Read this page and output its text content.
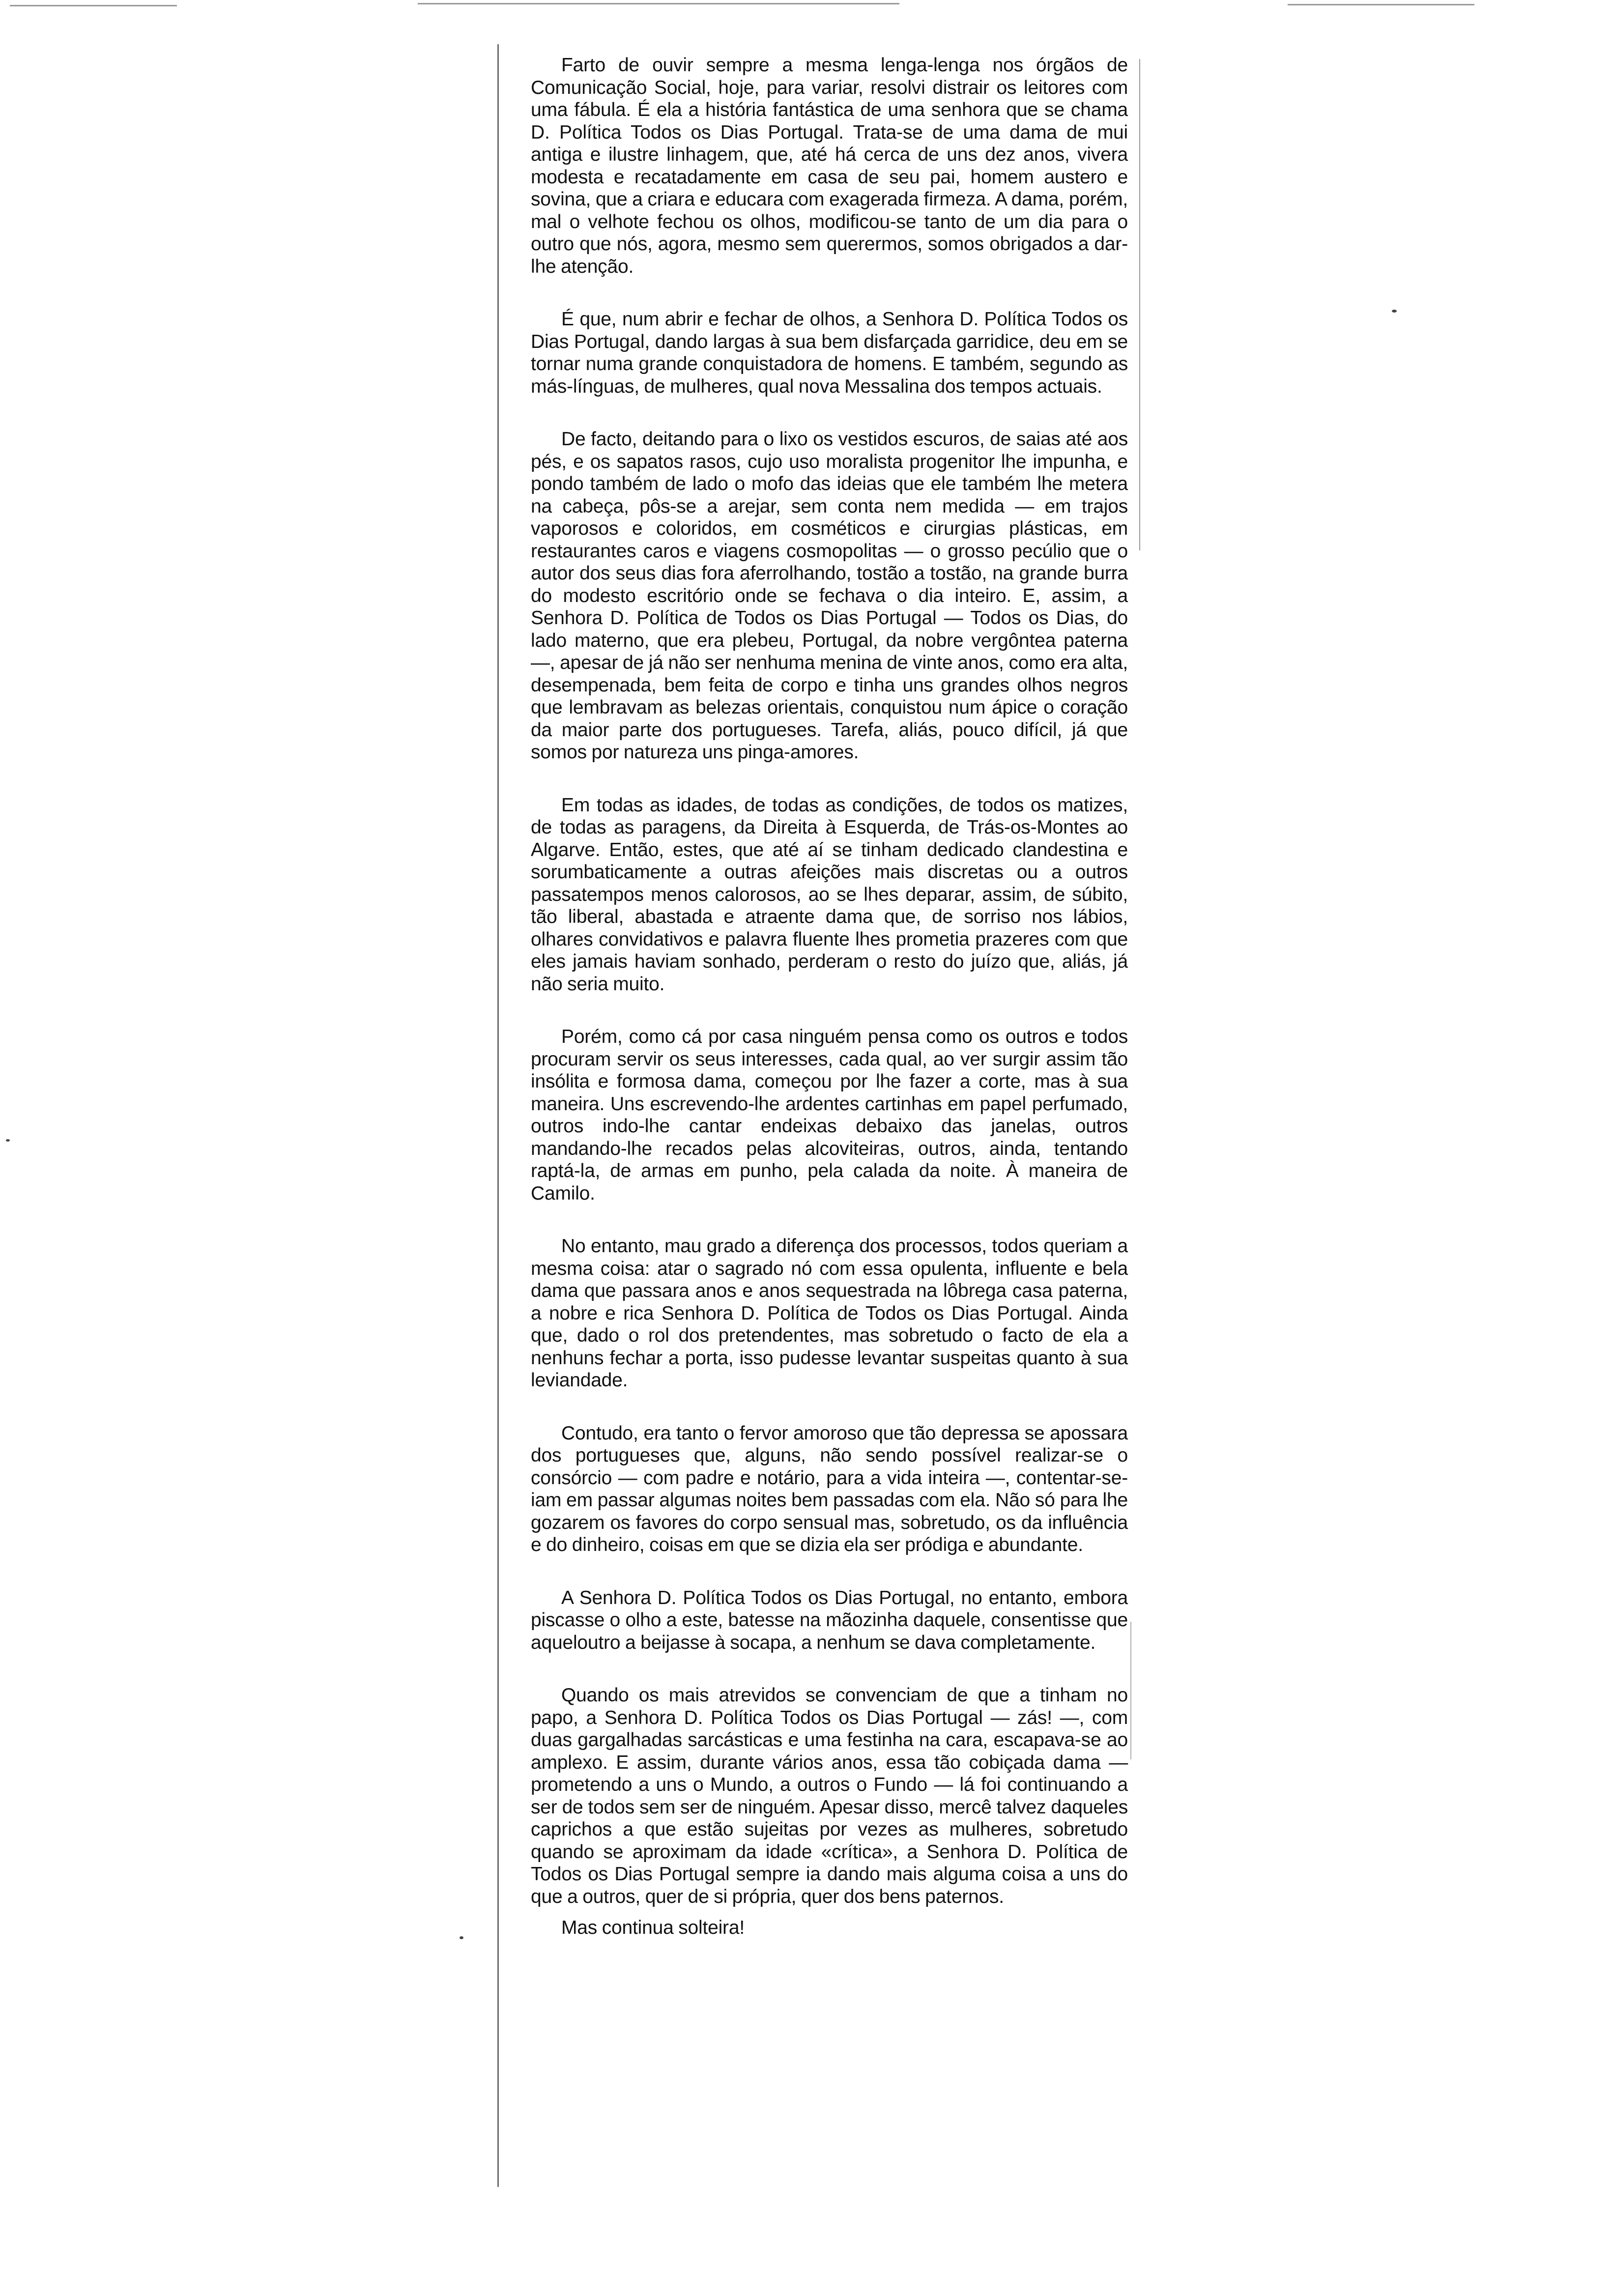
Farto de ouvir sempre a mesma lenga-lenga nos órgãos de Comunicação Social, hoje, para variar, resolvi distrair os leitores com uma fábula. É ela a história fantástica de uma senhora que se chama D. Política Todos os Dias Portugal. Trata-se de uma dama de mui antiga e ilustre linhagem, que, até há cerca de uns dez anos, vivera modesta e recatadamente em casa de seu pai, homem austero e sovina, que a criara e educara com exagerada firmeza. A dama, porém, mal o velhote fechou os olhos, modificou-se tanto de um dia para o outro que nós, agora, mesmo sem querermos, somos obrigados a dar-lhe atenção.

É que, num abrir e fechar de olhos, a Senhora D. Política Todos os Dias Portugal, dando largas à sua bem disfarçada garridice, deu em se tornar numa grande conquistadora de homens. E também, segundo as más-línguas, de mulheres, qual nova Messalina dos tempos actuais.

De facto, deitando para o lixo os vestidos escuros, de saias até aos pés, e os sapatos rasos, cujo uso moralista progenitor lhe impunha, e pondo também de lado o mofo das ideias que ele também lhe metera na cabeça, pôs-se a arejar, sem conta nem medida — em trajos vaporosos e coloridos, em cosméticos e cirurgias plásticas, em restaurantes caros e viagens cosmopolitas — o grosso pecúlio que o autor dos seus dias fora aferrolhando, tostão a tostão, na grande burra do modesto escritório onde se fechava o dia inteiro. E, assim, a Senhora D. Política de Todos os Dias Portugal — Todos os Dias, do lado materno, que era plebeu, Portugal, da nobre vergôntea paterna —, apesar de já não ser nenhuma menina de vinte anos, como era alta, desempenada, bem feita de corpo e tinha uns grandes olhos negros que lembravam as belezas orientais, conquistou num ápice o coração da maior parte dos portugueses. Tarefa, aliás, pouco difícil, já que somos por natureza uns pinga-amores.

Em todas as idades, de todas as condições, de todos os matizes, de todas as paragens, da Direita à Esquerda, de Trás-os-Montes ao Algarve. Então, estes, que até aí se tinham dedicado clandestina e sorumbaticamente a outras afeições mais discretas ou a outros passatempos menos calorosos, ao se lhes deparar, assim, de súbito, tão liberal, abastada e atraente dama que, de sorriso nos lábios, olhares convidativos e palavra fluente lhes prometia prazeres com que eles jamais haviam sonhado, perderam o resto do juízo que, aliás, já não seria muito.

Porém, como cá por casa ninguém pensa como os outros e todos procuram servir os seus interesses, cada qual, ao ver surgir assim tão insólita e formosa dama, começou por lhe fazer a corte, mas à sua maneira. Uns escrevendo-lhe ardentes cartinhas em papel perfumado, outros indo-lhe cantar endeixas debaixo das janelas, outros mandando-lhe recados pelas alcoviteiras, outros, ainda, tentando raptá-la, de armas em punho, pela calada da noite. À maneira de Camilo.

No entanto, mau grado a diferença dos processos, todos queriam a mesma coisa: atar o sagrado nó com essa opulenta, influente e bela dama que passara anos e anos sequestrada na lôbrega casa paterna, a nobre e rica Senhora D. Política de Todos os Dias Portugal. Ainda que, dado o rol dos pretendentes, mas sobretudo o facto de ela a nenhuns fechar a porta, isso pudesse levantar suspeitas quanto à sua leviandade.

Contudo, era tanto o fervor amoroso que tão depressa se apossara dos portugueses que, alguns, não sendo possível realizar-se o consórcio — com padre e notário, para a vida inteira —, contentar-se-iam em passar algumas noites bem passadas com ela. Não só para lhe gozarem os favores do corpo sensual mas, sobretudo, os da influência e do dinheiro, coisas em que se dizia ela ser pródiga e abundante.

A Senhora D. Política Todos os Dias Portugal, no entanto, embora piscasse o olho a este, batesse na mãozinha daquele, consentisse que aqueloutro a beijasse à socapa, a nenhum se dava completamente.

Quando os mais atrevidos se convenciam de que a tinham no papo, a Senhora D. Política Todos os Dias Portugal — zás! —, com duas gargalhadas sarcásticas e uma festinha na cara, escapava-se ao amplexo. E assim, durante vários anos, essa tão cobiçada dama — prometendo a uns o Mundo, a outros o Fundo — lá foi continuando a ser de todos sem ser de ninguém. Apesar disso, mercê talvez daqueles caprichos a que estão sujeitas por vezes as mulheres, sobretudo quando se aproximam da idade «crítica», a Senhora D. Política de Todos os Dias Portugal sempre ia dando mais alguma coisa a uns do que a outros, quer de si própria, quer dos bens paternos.

Mas continua solteira!
